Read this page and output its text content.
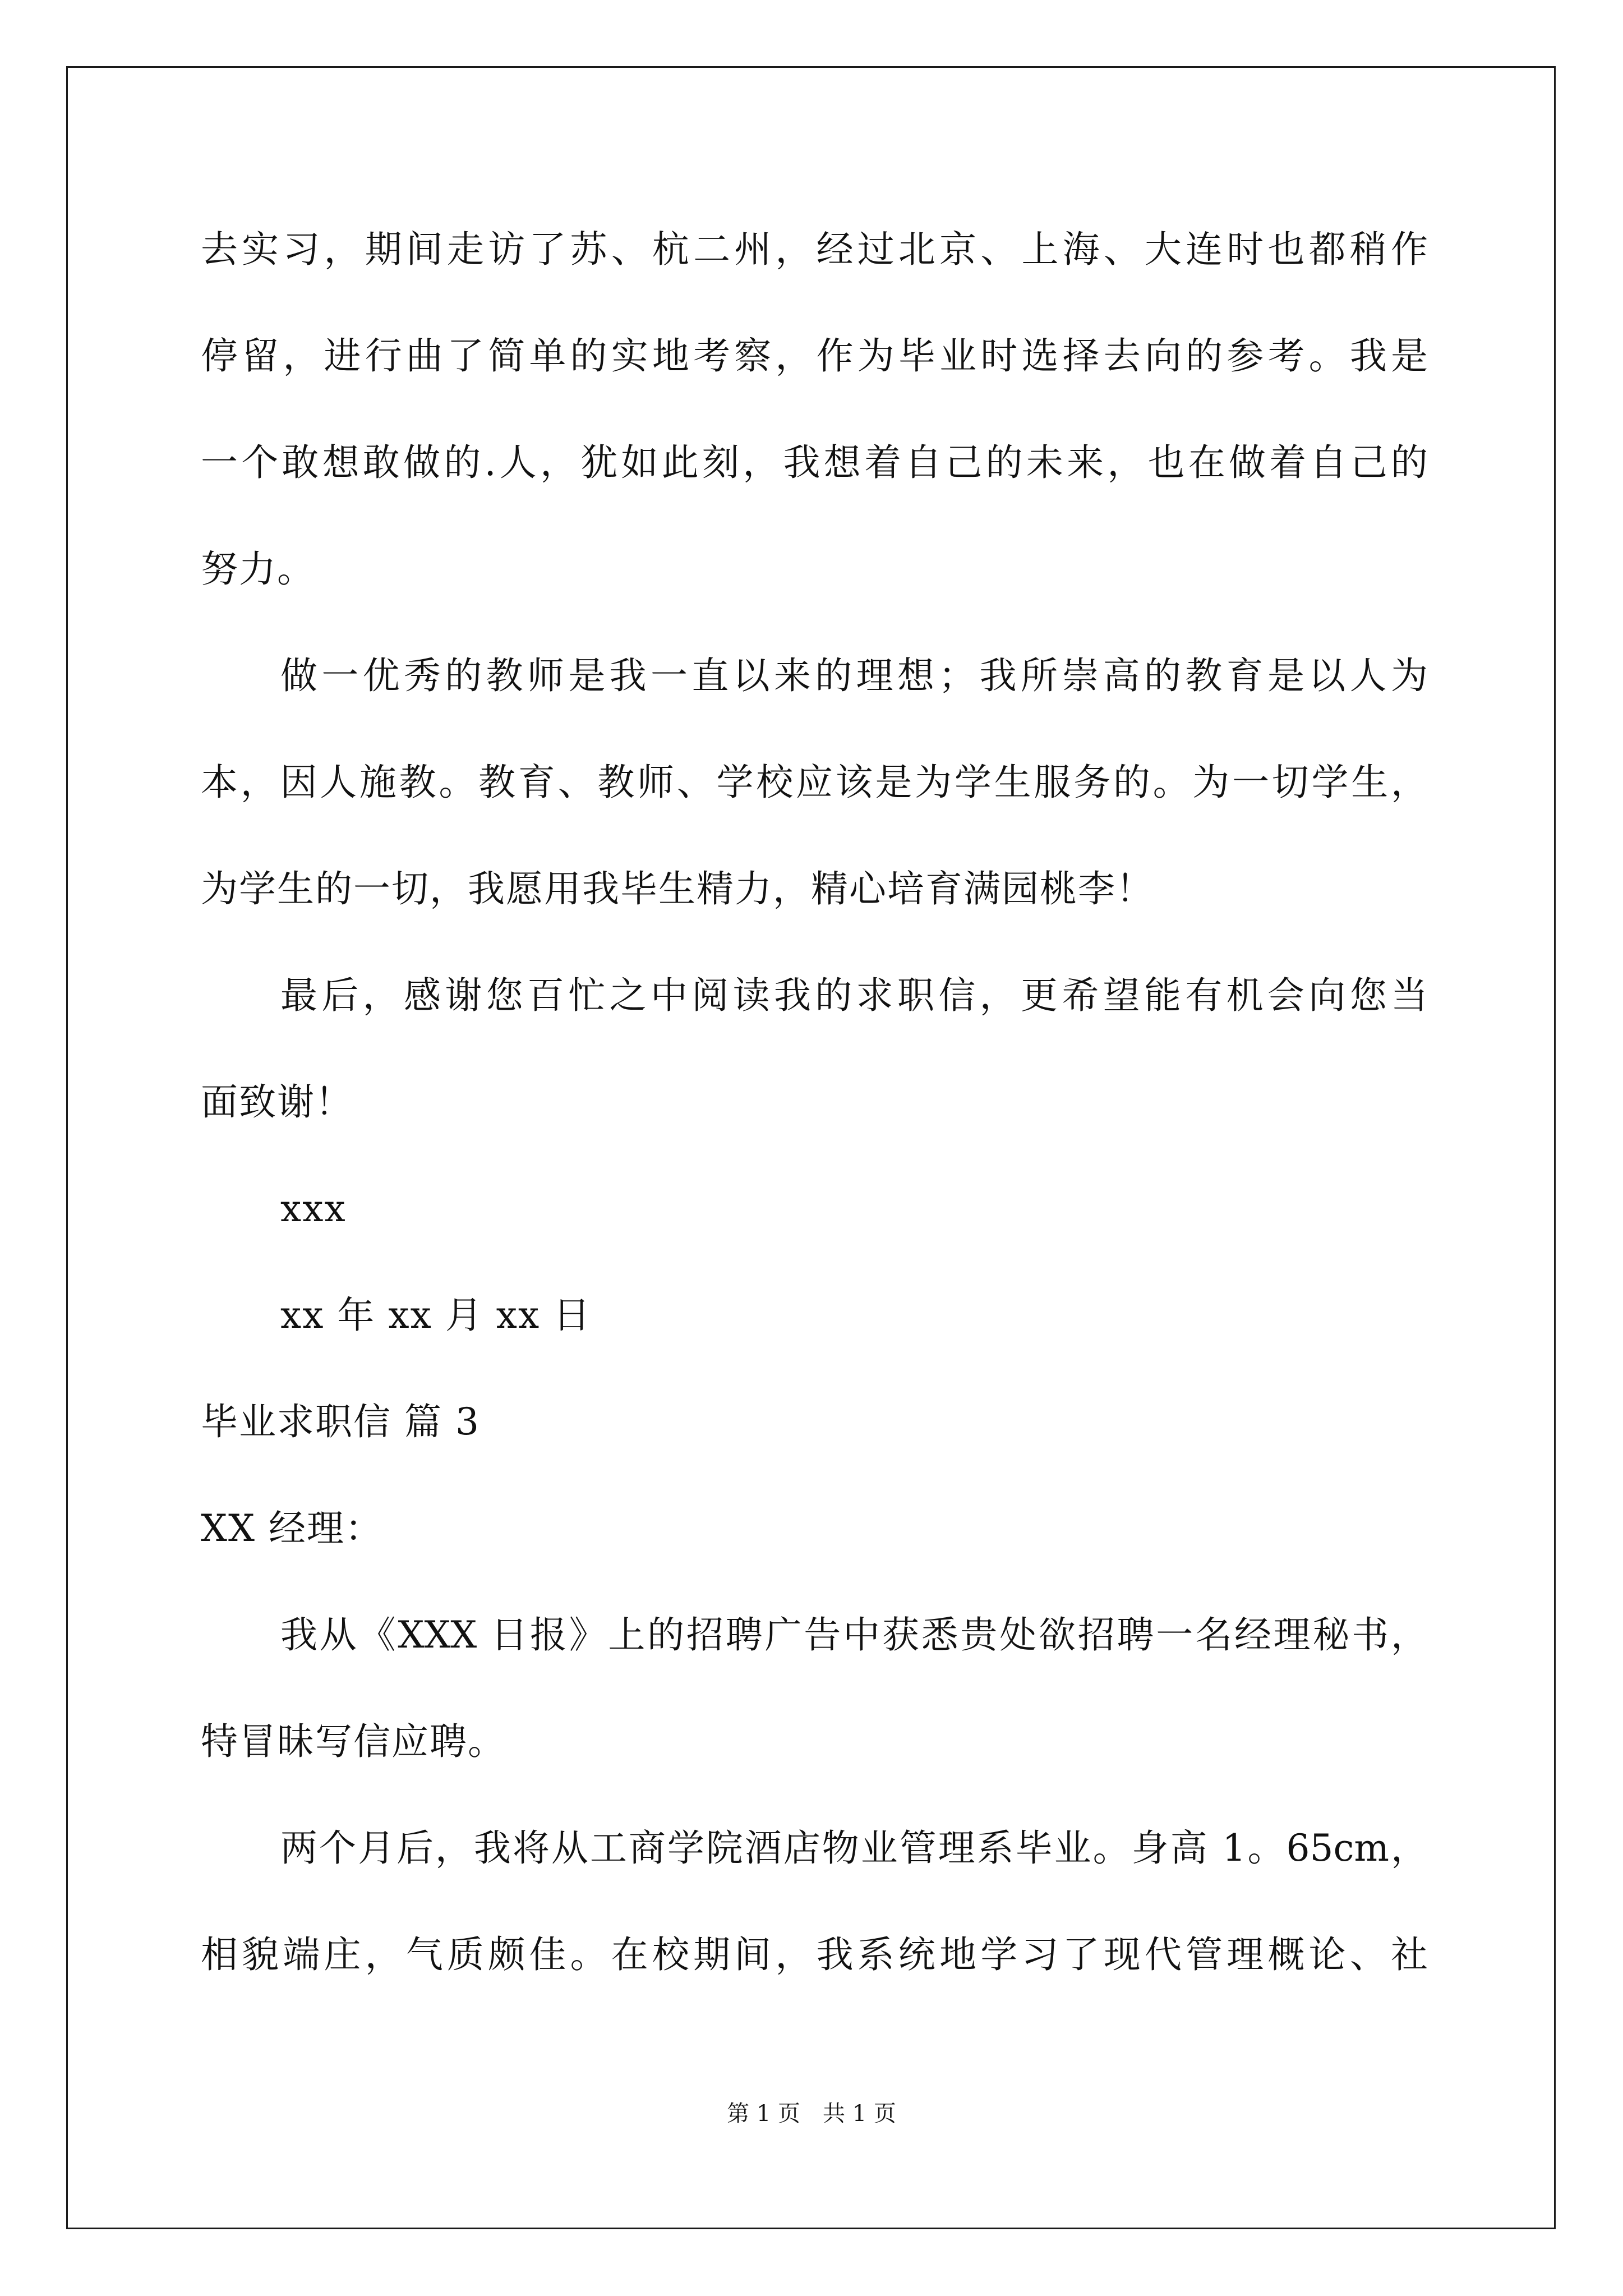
去实习，期间走访了苏、杭二州，经过北京、上海、大连时也都稍作
停留，进行曲了简单的实地考察，作为毕业时选择去向的参考。我是
一个敢想敢做的.人，犹如此刻，我想着自己的未来，也在做着自己的
努力。
做一优秀的教师是我一直以来的理想；我所崇高的教育是以人为
本，因人施教。教育、教师、学校应该是为学生服务的。为一切学生，
为学生的一切，我愿用我毕生精力，精心培育满园桃李！
最后，感谢您百忙之中阅读我的求职信，更希望能有机会向您当
面致谢！
xxx
xx 年 xx 月 xx 日
毕业求职信 篇 3
XX 经理：
我从《XXX 日报》上的招聘广告中获悉贵处欲招聘一名经理秘书，
特冒昧写信应聘。
两个月后，我将从工商学院酒店物业管理系毕业。身高 1。65cm，
相貌端庄，气质颇佳。在校期间，我系统地学习了现代管理概论、社
第 1 页　共 1 页
